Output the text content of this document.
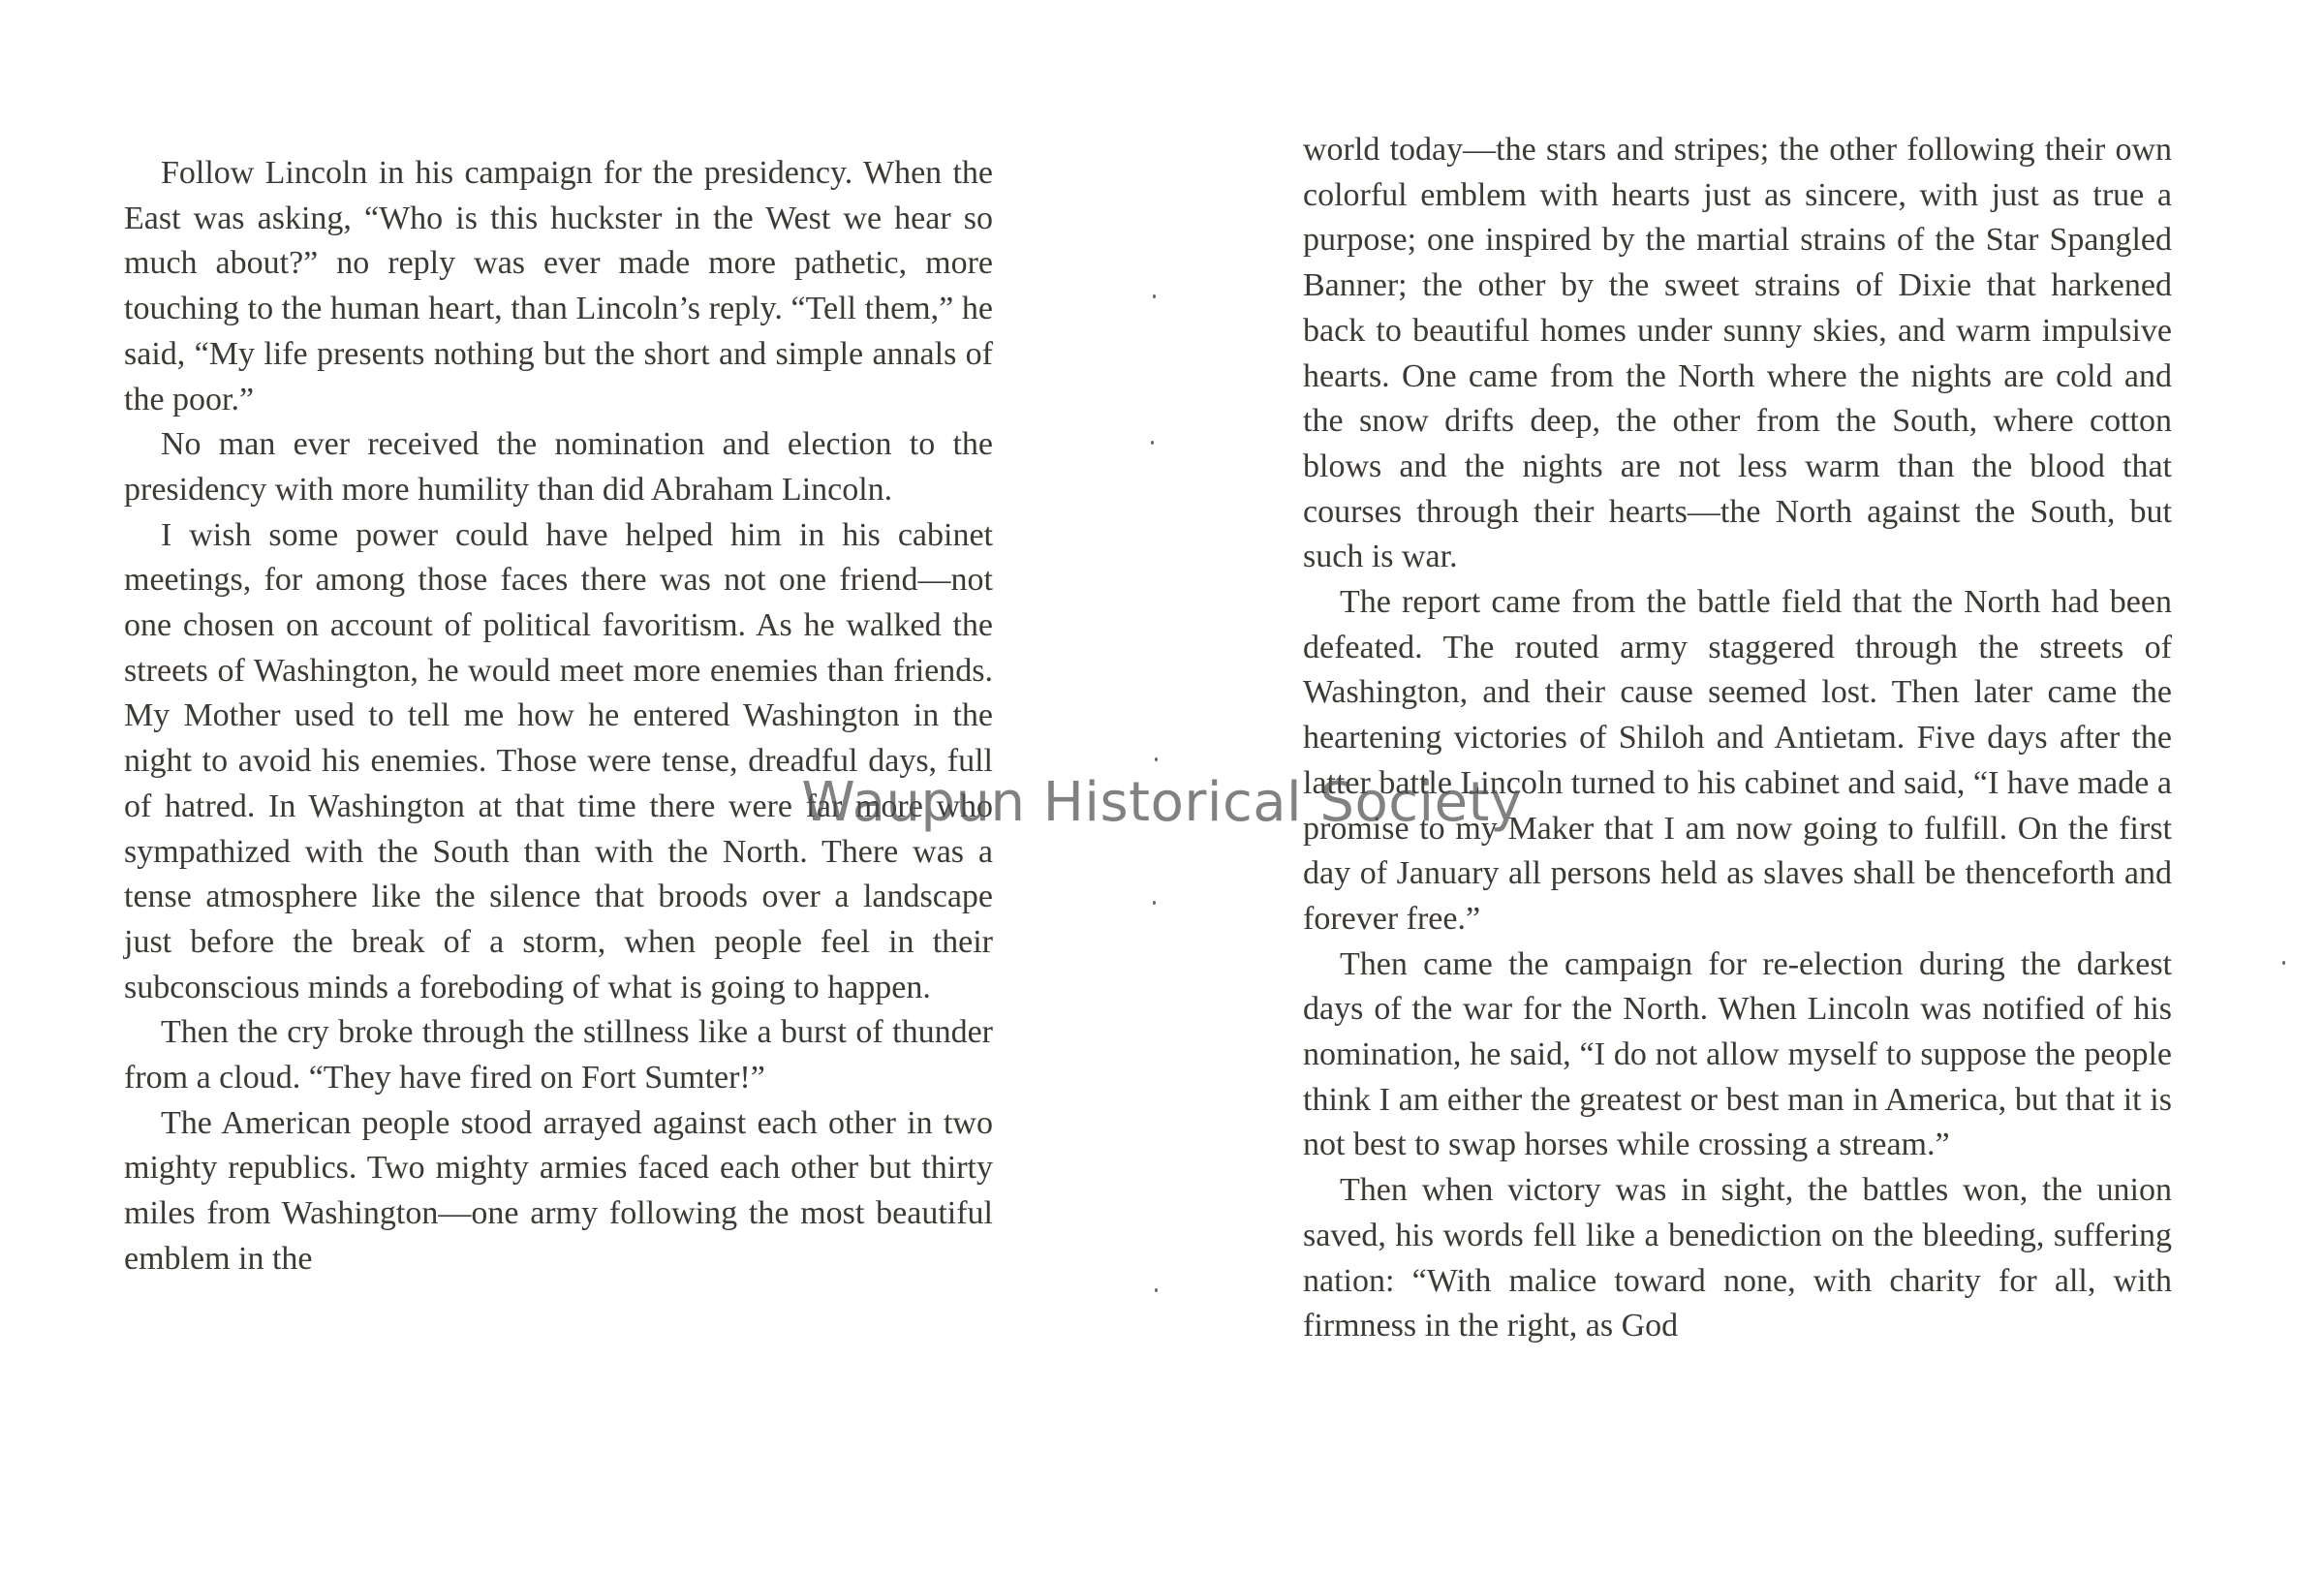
Follow Lincoln in his campaign for the presidency. When the East was asking, “Who is this huckster in the West we hear so much about?” no reply was ever made more pathetic, more touching to the human heart, than Lincoln’s reply. “Tell them,” he said, “My life presents nothing but the short and simple annals of the poor.”

No man ever received the nomination and election to the presidency with more humility than did Abraham Lincoln.

I wish some power could have helped him in his cabinet meetings, for among those faces there was not one friend—not one chosen on account of political favoritism. As he walked the streets of Washington, he would meet more enemies than friends. My Mother used to tell me how he entered Washington in the night to avoid his enemies. Those were tense, dreadful days, full of hatred. In Washington at that time there were far more who sympathized with the South than with the North. There was a tense atmosphere like the silence that broods over a landscape just before the break of a storm, when people feel in their subconscious minds a foreboding of what is going to happen.

Then the cry broke through the stillness like a burst of thunder from a cloud. “They have fired on Fort Sumter!”

The American people stood arrayed against each other in two mighty republics. Two mighty armies faced each other but thirty miles from Washington—one army following the most beautiful emblem in the

world today—the stars and stripes; the other following their own colorful emblem with hearts just as sincere, with just as true a purpose; one inspired by the martial strains of the Star Spangled Banner; the other by the sweet strains of Dixie that harkened back to beautiful homes under sunny skies, and warm impulsive hearts. One came from the North where the nights are cold and the snow drifts deep, the other from the South, where cotton blows and the nights are not less warm than the blood that courses through their hearts—the North against the South, but such is war.

The report came from the battle field that the North had been defeated. The routed army staggered through the streets of Washington, and their cause seemed lost. Then later came the heartening victories of Shiloh and Antietam. Five days after the latter battle Lincoln turned to his cabinet and said, “I have made a promise to my Maker that I am now going to fulfill. On the first day of January all persons held as slaves shall be thenceforth and forever free.”

Then came the campaign for re-election during the darkest days of the war for the North. When Lincoln was notified of his nomination, he said, “I do not allow myself to suppose the people think I am either the greatest or best man in America, but that it is not best to swap horses while crossing a stream.”

Then when victory was in sight, the battles won, the union saved, his words fell like a benediction on the bleeding, suffering nation: “With malice toward none, with charity for all, with firmness in the right, as God

Waupun Historical Society
